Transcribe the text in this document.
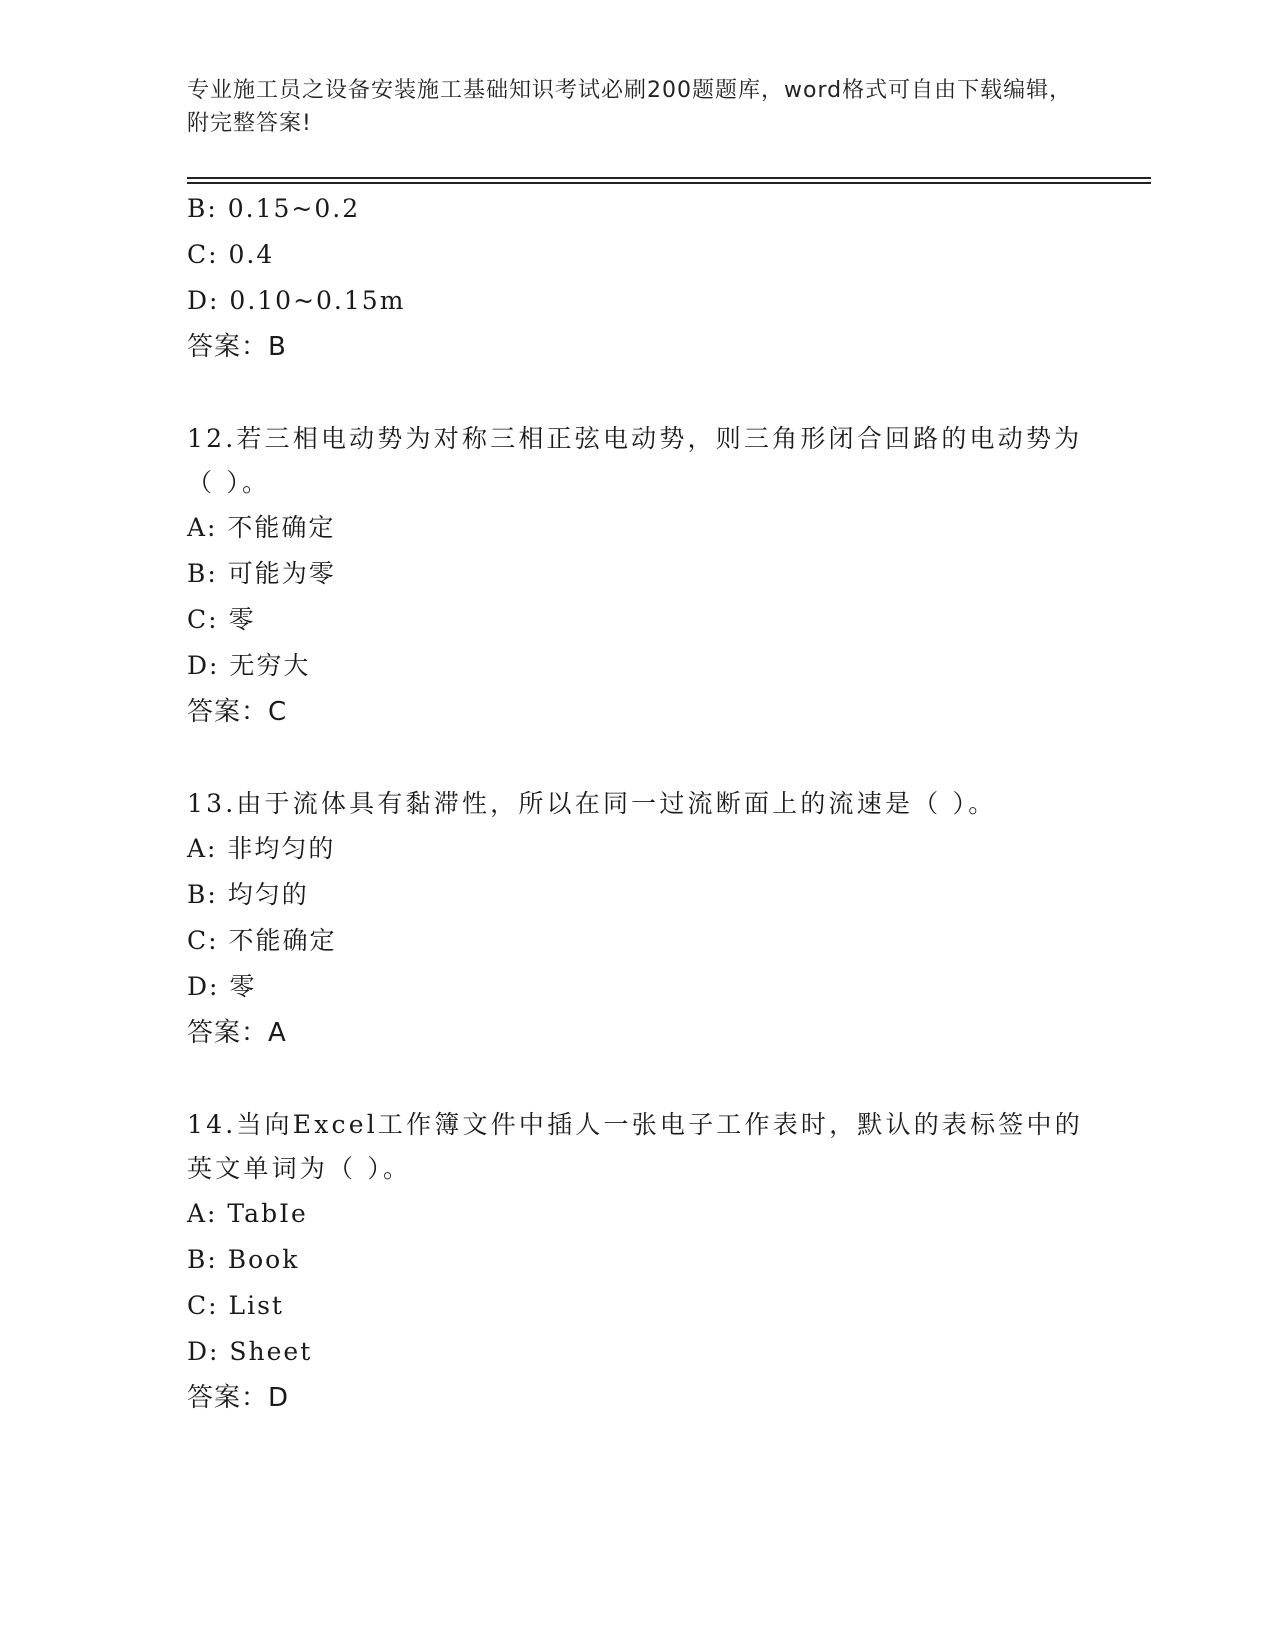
专业施工员之设备安装施工基础知识考试必刷200题题库，word格式可自由下载编辑，附完整答案!
B: 0.15~0.2
C: 0.4
D: 0.10~0.15m
答案：B
12.若三相电动势为对称三相正弦电动势，则三角形闭合回路的电动势为（ ）。
A: 不能确定
B: 可能为零
C: 零
D: 无穷大
答案：C
13.由于流体具有黏滞性，所以在同一过流断面上的流速是（ ）。
A: 非均匀的
B: 均匀的
C: 不能确定
D: 零
答案：A
14.当向Excel工作簿文件中插人一张电子工作表时，默认的表标签中的英文单词为（ ）。
A: TabIe
B: Book
C: List
D: Sheet
答案：D
